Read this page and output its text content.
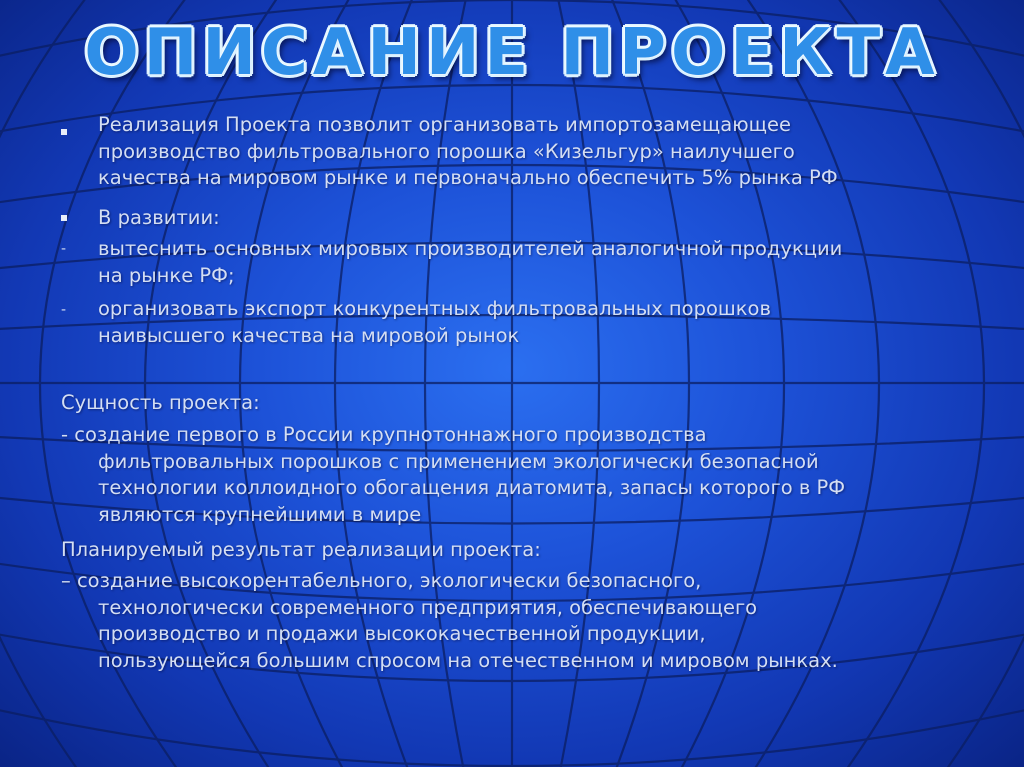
ОПИСАНИЕ ПРОЕКТА
Реализация Проекта позволит организовать импортозамещающее
производство фильтровального порошка «Кизельгур» наилучшего
качества на мировом рынке и первоначально обеспечить 5% рынка РФ
В развитии:
- вытеснить основных мировых производителей аналогичной продукции
на рынке РФ;
- организовать экспорт конкурентных фильтровальных порошков
наивысшего качества на мировой рынок
Сущность проекта:
- создание первого в России крупнотоннажного производства
фильтровальных порошков с применением экологически безопасной
технологии коллоидного обогащения диатомита, запасы которого в РФ
являются крупнейшими в мире
Планируемый результат реализации проекта:
– создание высокорентабельного, экологически безопасного,
технологически современного предприятия, обеспечивающего
производство и продажи высококачественной продукции,
пользующейся большим спросом на отечественном и мировом рынках.
